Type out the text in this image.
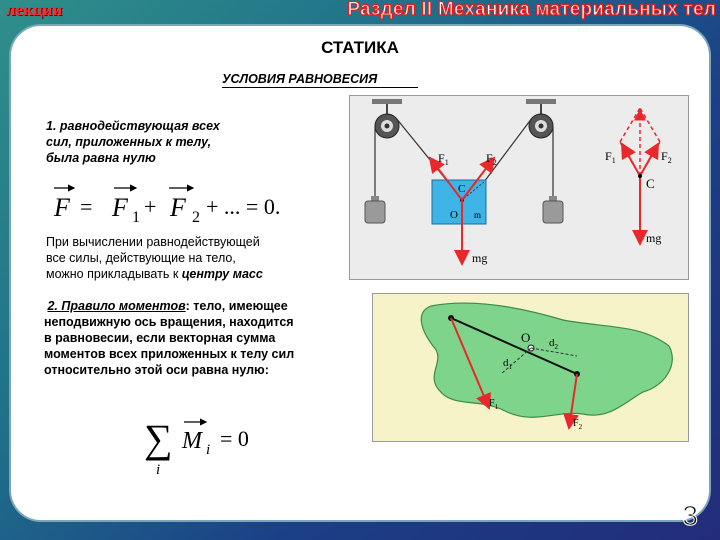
лекции	Раздел II Механика материальных тел
СТАТИКА
УСЛОВИЯ РАВНОВЕСИЯ
1. равнодействующая всех
сил, приложенных к телу,
была равна нулю
F = F 1 + F 2 + ... = 0.
При вычислении равнодействующей
все силы, действующие на тело,
можно прикладывать к центру масс
2. Правило моментов: тело, имеющее
неподвижную ось вращения, находится
в равновесии, если векторная сумма
моментов всех приложенных к телу сил
относительно этой оси равна нулю:
∑ M i = 0
i
C
O m
$F_1$	$F_2$
mg
$F_1$	$F_2$
C
mg
O
$d_1$
$d_2$
$F_1$
$F_2$
3
